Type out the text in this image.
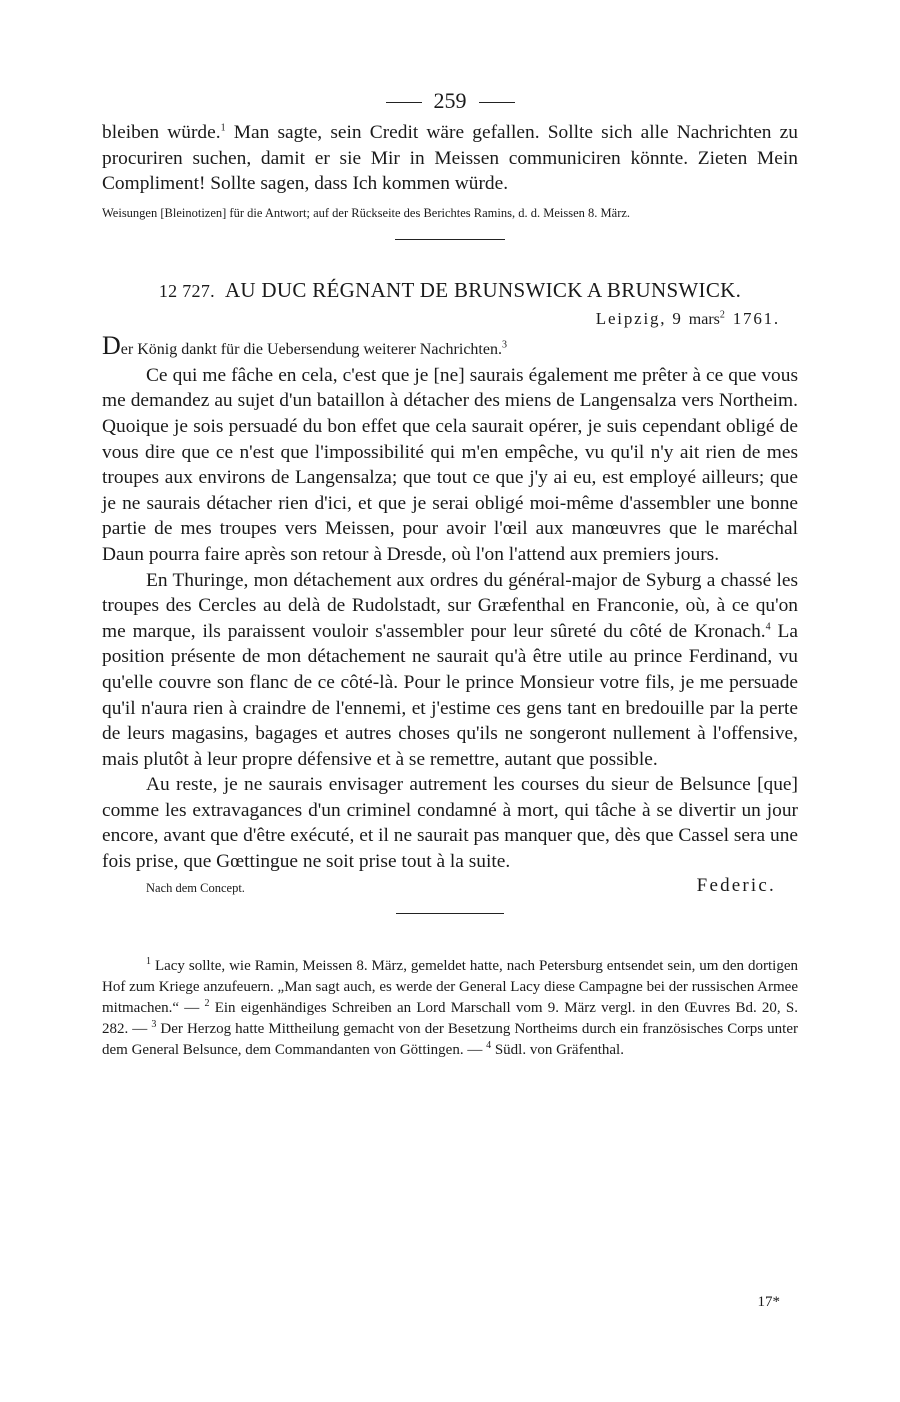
259

bleiben würde.$^1$ Man sagte, sein Credit wäre gefallen. Sollte sich alle Nachrichten zu procuriren suchen, damit er sie Mir in Meissen communiciren könnte. Zieten Mein Compliment! Sollte sagen, dass Ich kommen würde.

Weisungen [Bleinotizen] für die Antwort; auf der Rückseite des Berichtes Ramins, d. d. Meissen 8. März.

12 727. AU DUC RÉGNANT DE BRUNSWICK A BRUNSWICK.
Leipzig, 9 mars$^2$ 1761.
Der König dankt für die Uebersendung weiterer Nachrichten.$^3$

Ce qui me fâche en cela, c'est que je [ne] saurais également me prêter à ce que vous me demandez au sujet d'un bataillon à détacher des miens de Langensalza vers Northeim. Quoique je sois persuadé du bon effet que cela saurait opérer, je suis cependant obligé de vous dire que ce n'est que l'impossibilité qui m'en empêche, vu qu'il n'y ait rien de mes troupes aux environs de Langensalza; que tout ce que j'y ai eu, est employé ailleurs; que je ne saurais détacher rien d'ici, et que je serai obligé moi-même d'assembler une bonne partie de mes troupes vers Meissen, pour avoir l'œil aux manœuvres que le maréchal Daun pourra faire après son retour à Dresde, où l'on l'attend aux premiers jours.

En Thuringe, mon détachement aux ordres du général-major de Syburg a chassé les troupes des Cercles au delà de Rudolstadt, sur Græfenthal en Franconie, où, à ce qu'on me marque, ils paraissent vouloir s'assembler pour leur sûreté du côté de Kronach.$^4$ La position présente de mon détachement ne saurait qu'à être utile au prince Ferdinand, vu qu'elle couvre son flanc de ce côté-là. Pour le prince Monsieur votre fils, je me persuade qu'il n'aura rien à craindre de l'ennemi, et j'estime ces gens tant en bredouille par la perte de leurs magasins, bagages et autres choses qu'ils ne songeront nullement à l'offensive, mais plutôt à leur propre défensive et à se remettre, autant que possible.

Au reste, je ne saurais envisager autrement les courses du sieur de Belsunce [que] comme les extravagances d'un criminel condamné à mort, qui tâche à se divertir un jour encore, avant que d'être exécuté, et il ne saurait pas manquer que, dès que Cassel sera une fois prise, que Gœttingue ne soit prise tout à la suite.

Nach dem Concept.	Federic.

$^1$ Lacy sollte, wie Ramin, Meissen 8. März, gemeldet hatte, nach Petersburg entsendet sein, um den dortigen Hof zum Kriege anzufeuern. „Man sagt auch, es werde der General Lacy diese Campagne bei der russischen Armee mitmachen.“ — $^2$ Ein eigenhändiges Schreiben an Lord Marschall vom 9. März vergl. in den Œuvres Bd. 20, S. 282. — $^3$ Der Herzog hatte Mittheilung gemacht von der Besetzung Northeims durch ein französisches Corps unter dem General Belsunce, dem Commandanten von Göttingen. — $^4$ Südl. von Gräfenthal.

17*
